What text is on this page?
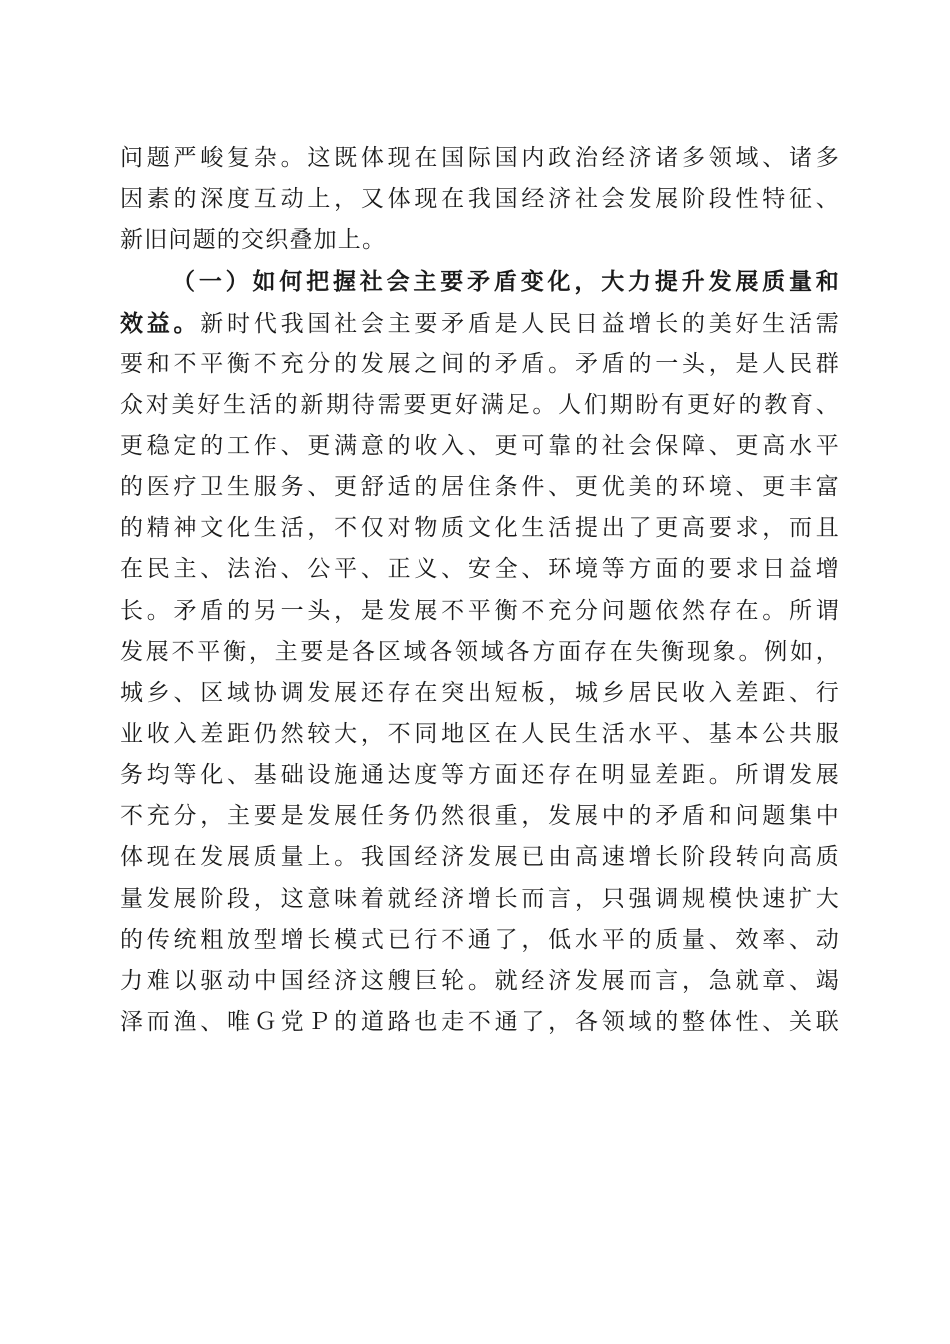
问题严峻复杂。这既体现在国际国内政治经济诸多领域、诸多
因素的深度互动上，又体现在我国经济社会发展阶段性特征、
新旧问题的交织叠加上。
（一）如何把握社会主要矛盾变化，大力提升发展质量和
效益。新时代我国社会主要矛盾是人民日益增长的美好生活需
要和不平衡不充分的发展之间的矛盾。矛盾的一头，是人民群
众对美好生活的新期待需要更好满足。人们期盼有更好的教育、
更稳定的工作、更满意的收入、更可靠的社会保障、更高水平
的医疗卫生服务、更舒适的居住条件、更优美的环境、更丰富
的精神文化生活，不仅对物质文化生活提出了更高要求，而且
在民主、法治、公平、正义、安全、环境等方面的要求日益增
长。矛盾的另一头，是发展不平衡不充分问题依然存在。所谓
发展不平衡，主要是各区域各领域各方面存在失衡现象。例如，
城乡、区域协调发展还存在突出短板，城乡居民收入差距、行
业收入差距仍然较大，不同地区在人民生活水平、基本公共服
务均等化、基础设施通达度等方面还存在明显差距。所谓发展
不充分，主要是发展任务仍然很重，发展中的矛盾和问题集中
体现在发展质量上。我国经济发展已由高速增长阶段转向高质
量发展阶段，这意味着就经济增长而言，只强调规模快速扩大
的传统粗放型增长模式已行不通了，低水平的质量、效率、动
力难以驱动中国经济这艘巨轮。就经济发展而言，急就章、竭
泽而渔、唯Ｇ党Ｐ的道路也走不通了，各领域的整体性、关联
